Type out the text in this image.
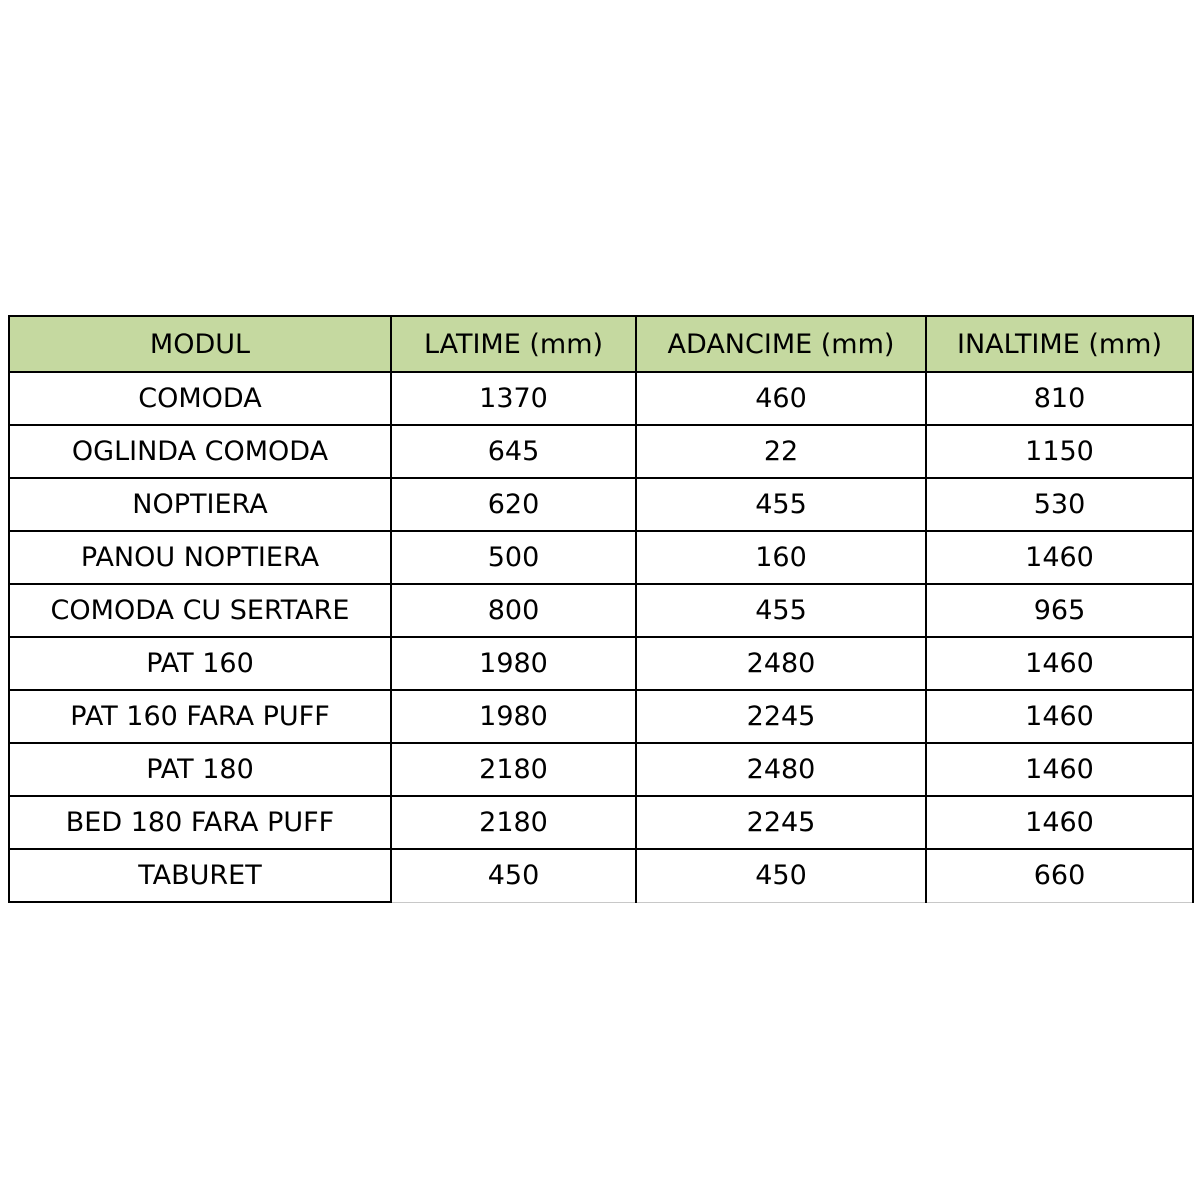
MODUL	LATIME (mm)	ADANCIME (mm)	INALTIME (mm)
COMODA	1370	460	810
OGLINDA COMODA	645	22	1150
NOPTIERA	620	455	530
PANOU NOPTIERA	500	160	1460
COMODA CU SERTARE	800	455	965
PAT 160	1980	2480	1460
PAT 160 FARA PUFF	1980	2245	1460
PAT 180	2180	2480	1460
BED 180 FARA PUFF	2180	2245	1460
TABURET	450	450	660
